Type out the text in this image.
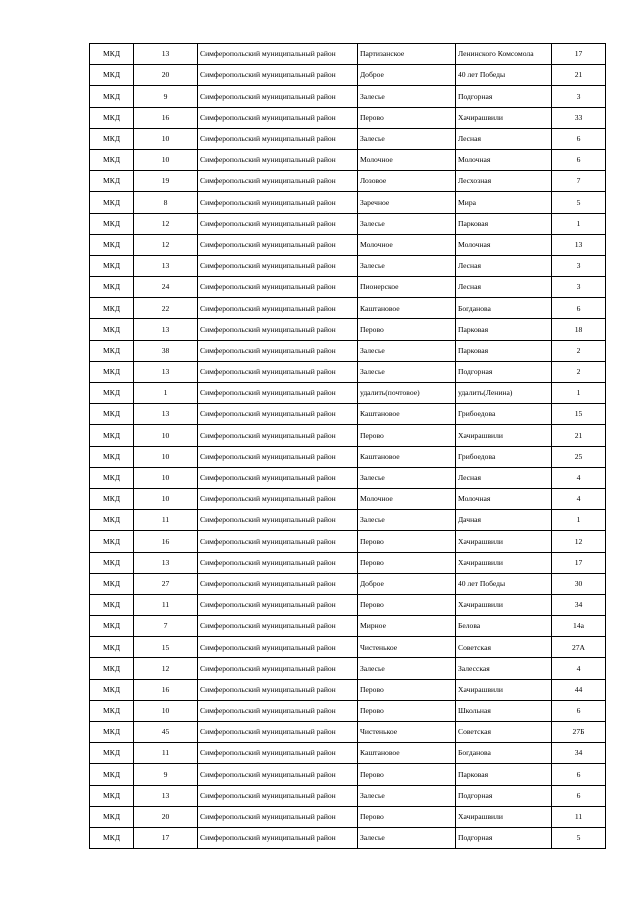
МКД	13	Симферопольский муниципальный район	Партизанское	Ленинского Комсомола	17
МКД	20	Симферопольский муниципальный район	Доброе	40 лет Победы	21
МКД	9	Симферопольский муниципальный район	Залесье	Подгорная	3
МКД	16	Симферопольский муниципальный район	Перово	Хачирашвили	33
МКД	10	Симферопольский муниципальный район	Залесье	Лесная	6
МКД	10	Симферопольский муниципальный район	Молочное	Молочная	6
МКД	19	Симферопольский муниципальный район	Лозовое	Лесхозная	7
МКД	8	Симферопольский муниципальный район	Заречное	Мира	5
МКД	12	Симферопольский муниципальный район	Залесье	Парковая	1
МКД	12	Симферопольский муниципальный район	Молочное	Молочная	13
МКД	13	Симферопольский муниципальный район	Залесье	Лесная	3
МКД	24	Симферопольский муниципальный район	Пионерское	Лесная	3
МКД	22	Симферопольский муниципальный район	Каштановое	Богданова	6
МКД	13	Симферопольский муниципальный район	Перово	Парковая	18
МКД	38	Симферопольский муниципальный район	Залесье	Парковая	2
МКД	13	Симферопольский муниципальный район	Залесье	Подгорная	2
МКД	1	Симферопольский муниципальный район	удалить(почтовое)	удалить(Ленина)	1
МКД	13	Симферопольский муниципальный район	Каштановое	Грибоедова	15
МКД	10	Симферопольский муниципальный район	Перово	Хачирашвили	21
МКД	10	Симферопольский муниципальный район	Каштановое	Грибоедова	25
МКД	10	Симферопольский муниципальный район	Залесье	Лесная	4
МКД	10	Симферопольский муниципальный район	Молочное	Молочная	4
МКД	11	Симферопольский муниципальный район	Залесье	Дачная	1
МКД	16	Симферопольский муниципальный район	Перово	Хачирашвили	12
МКД	13	Симферопольский муниципальный район	Перово	Хачирашвили	17
МКД	27	Симферопольский муниципальный район	Доброе	40 лет Победы	30
МКД	11	Симферопольский муниципальный район	Перово	Хачирашвили	34
МКД	7	Симферопольский муниципальный район	Мирное	Белова	14а
МКД	15	Симферопольский муниципальный район	Чистенькое	Советская	27А
МКД	12	Симферопольский муниципальный район	Залесье	Залесская	4
МКД	16	Симферопольский муниципальный район	Перово	Хачирашвили	44
МКД	10	Симферопольский муниципальный район	Перово	Школьная	6
МКД	45	Симферопольский муниципальный район	Чистенькое	Советская	27Б
МКД	11	Симферопольский муниципальный район	Каштановое	Богданова	34
МКД	9	Симферопольский муниципальный район	Перово	Парковая	6
МКД	13	Симферопольский муниципальный район	Залесье	Подгорная	6
МКД	20	Симферопольский муниципальный район	Перово	Хачирашвили	11
МКД	17	Симферопольский муниципальный район	Залесье	Подгорная	5
